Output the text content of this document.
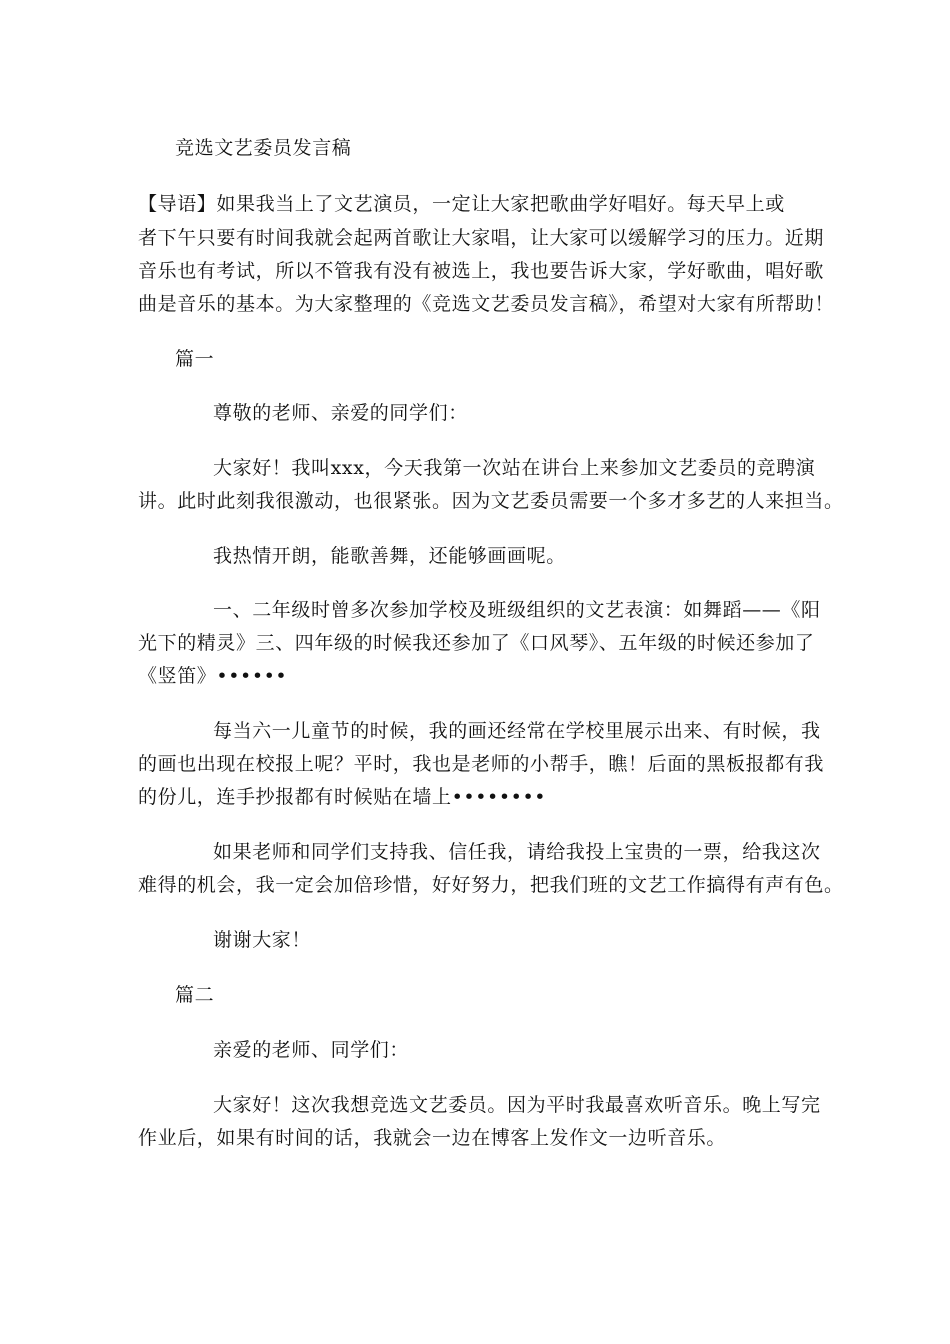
竞选文艺委员发言稿
【导语】如果我当上了文艺演员，一定让大家把歌曲学好唱好。每天早上或
者下午只要有时间我就会起两首歌让大家唱，让大家可以缓解学习的压力。近期
音乐也有考试，所以不管我有没有被选上，我也要告诉大家，学好歌曲，唱好歌
曲是音乐的基本。为大家整理的《竞选文艺委员发言稿》，希望对大家有所帮助！
篇一
尊敬的老师、亲爱的同学们：
大家好！我叫xxx，今天我第一次站在讲台上来参加文艺委员的竞聘演
讲。此时此刻我很激动，也很紧张。因为文艺委员需要一个多才多艺的人来担当。
我热情开朗，能歌善舞，还能够画画呢。
一、二年级时曾多次参加学校及班级组织的文艺表演：如舞蹈——《阳
光下的精灵》三、四年级的时候我还参加了《口风琴》、五年级的时候还参加了
《竖笛》••••••
每当六一儿童节的时候，我的画还经常在学校里展示出来、有时候，我
的画也出现在校报上呢？平时，我也是老师的小帮手，瞧！后面的黑板报都有我
的份儿，连手抄报都有时候贴在墙上••••••••
如果老师和同学们支持我、信任我，请给我投上宝贵的一票，给我这次
难得的机会，我一定会加倍珍惜，好好努力，把我们班的文艺工作搞得有声有色。
谢谢大家！
篇二
亲爱的老师、同学们：
大家好！这次我想竞选文艺委员。因为平时我最喜欢听音乐。晚上写完
作业后，如果有时间的话，我就会一边在博客上发作文一边听音乐。
